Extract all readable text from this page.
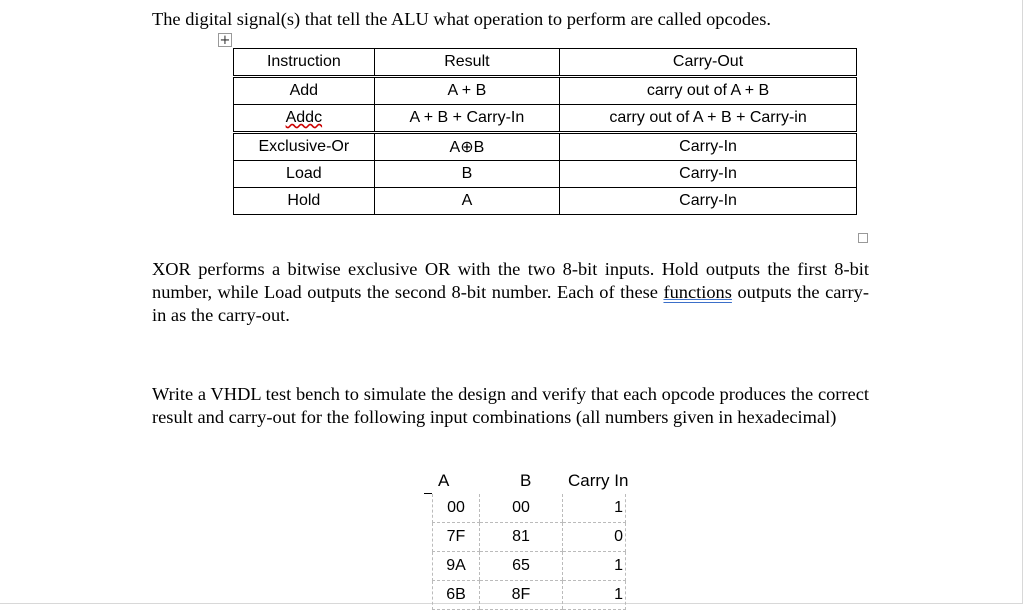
The digital signal(s) that tell the ALU what operation to perform are called opcodes.

+
Instruction	Result	Carry-Out
Add	A + B	carry out of A + B
Addc	A + B + Carry-In	carry out of A + B + Carry-in
Exclusive-Or	A⊕B	Carry-In
Load	B	Carry-In
Hold	A	Carry-In

XOR performs a bitwise exclusive OR with the two 8-bit inputs. Hold outputs the first 8-bit number, while Load outputs the second 8-bit number. Each of these functions outputs the carry-in as the carry-out.

Write a VHDL test bench to simulate the design and verify that each opcode produces the correct result and carry-out for the following input combinations (all numbers given in hexadecimal)

A	B Carry In
00	00	1
7F	81	0
9A	65	1
6B	8F	1
